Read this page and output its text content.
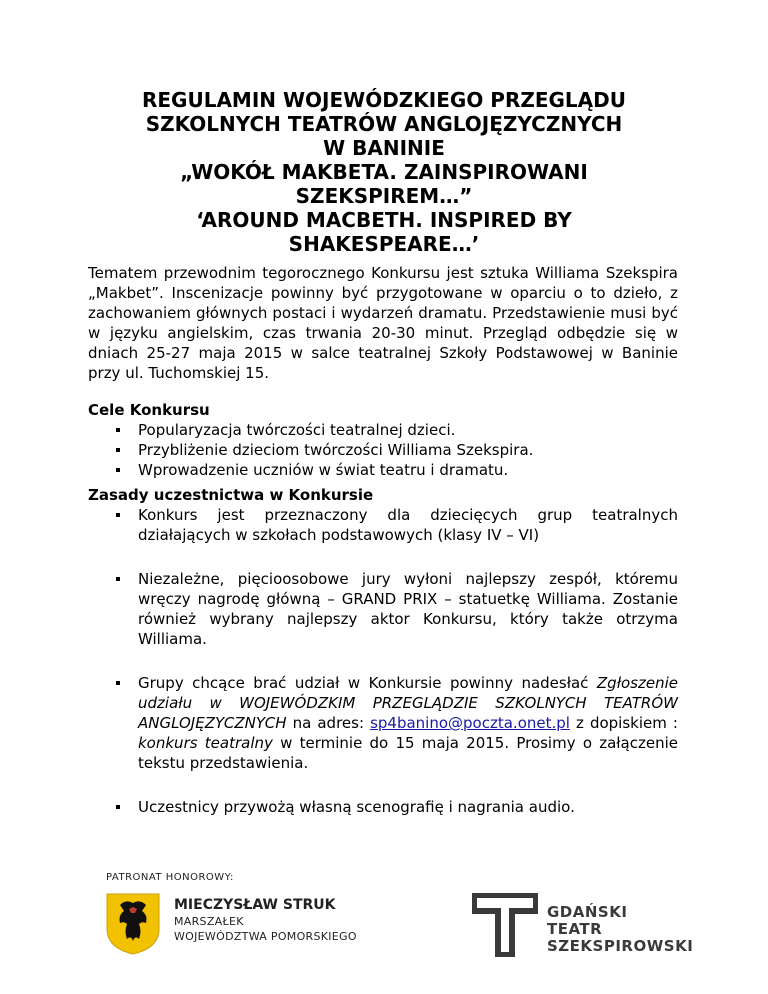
REGULAMIN WOJEWÓDZKIEGO PRZEGLĄDU
SZKOLNYCH TEATRÓW ANGLOJĘZYCZNYCH
W BANINIE
„WOKÓŁ MAKBETA. ZAINSPIROWANI
SZEKSPIREM…”
‘AROUND MACBETH. INSPIRED BY
SHAKESPEARE…’

Tematem przewodnim tegorocznego Konkursu jest sztuka Williama Szekspira „Makbet”. Inscenizacje powinny być przygotowane w oparciu o to dzieło, z zachowaniem głównych postaci i wydarzeń dramatu. Przedstawienie musi być w języku angielskim, czas trwania 20-30 minut. Przegląd odbędzie się w dniach 25-27 maja 2015 w salce teatralnej Szkoły Podstawowej w Baninie przy ul. Tuchomskiej 15.

Cele Konkursu
Popularyzacja twórczości teatralnej dzieci.
Przybliżenie dzieciom twórczości Williama Szekspira.
Wprowadzenie uczniów w świat teatru i dramatu.
Zasady uczestnictwa w Konkursie
Konkurs jest przeznaczony dla dziecięcych grup teatralnych działających w szkołach podstawowych (klasy IV – VI)
Niezależne, pięcioosobowe jury wyłoni najlepszy zespół, któremu wręczy nagrodę główną – GRAND PRIX – statuetkę Williama. Zostanie również wybrany najlepszy aktor Konkursu, który także otrzyma Williama.
Grupy chcące brać udział w Konkursie powinny nadesłać Zgłoszenie udziału w WOJEWÓDZKIM PRZEGLĄDZIE SZKOLNYCH TEATRÓW ANGLOJĘZYCZNYCH na adres: sp4banino@poczta.onet.pl z dopiskiem : konkurs teatralny w terminie do 15 maja 2015. Prosimy o załączenie tekstu przedstawienia.
Uczestnicy przywożą własną scenografię i nagrania audio.
PATRONAT HONOROWY:
MIECZYSŁAW STRUK
MARSZAŁEK
WOJEWÓDZTWA POMORSKIEGO
GDAŃSKI
TEATR
SZEKSPIROWSKI
